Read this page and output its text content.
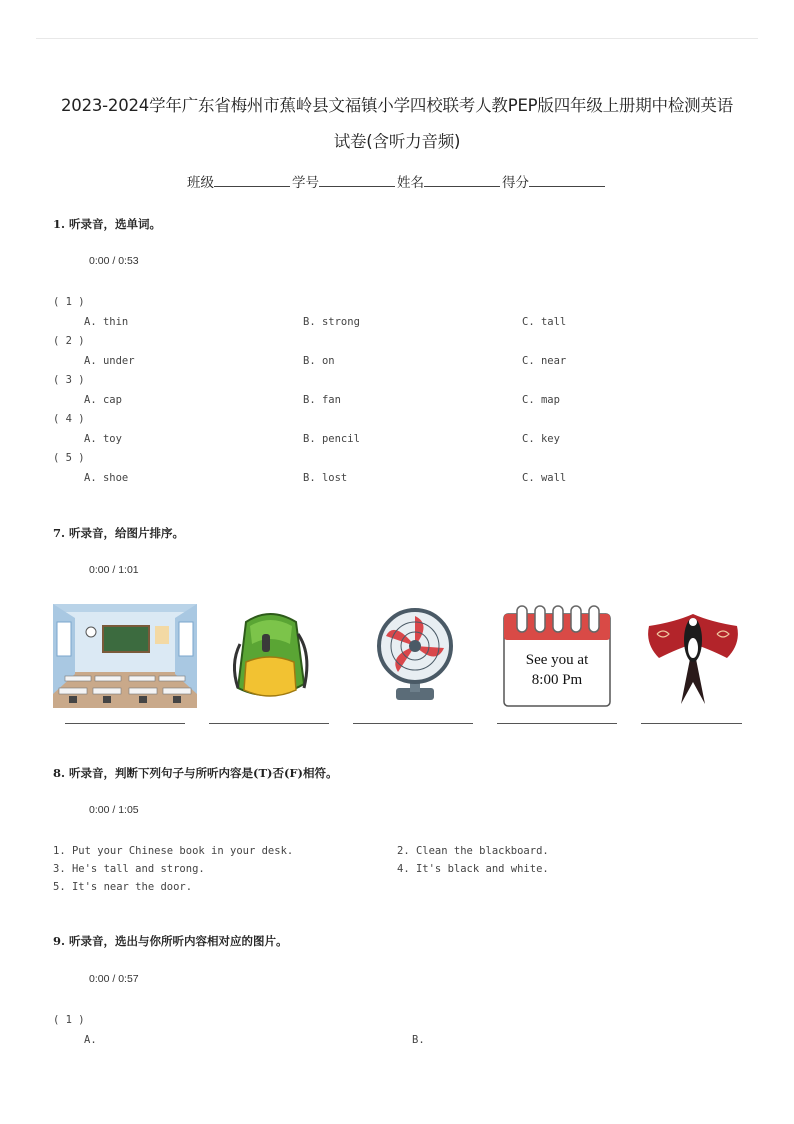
2023-2024学年广东省梅州市蕉岭县文福镇小学四校联考人教PEP版四年级上册期中检测英语
试卷(含听力音频)
班级	学号	姓名	得分
1. 听录音，选单词。
0:00 / 0:53
( 1 )
A. thin	B. strong	C. tall
( 2 )
A. under	B. on	C. near
( 3 )
A. cap	B. fan	C. map
( 4 )
A. toy	B. pencil	C. key
( 5 )
A. shoe	B. lost	C. wall
7. 听录音，给图片排序。
0:00 / 1:01
See you at
8:00 Pm
8. 听录音，判断下列句子与所听内容是(T)否(F)相符。
0:00 / 1:05
1. Put your Chinese book in your desk.	2. Clean the blackboard.
3. He's tall and strong.	4. It's black and white.
5. It's near the door.
9. 听录音，选出与你所听内容相对应的图片。
0:00 / 0:57
( 1 )
A.	B.
